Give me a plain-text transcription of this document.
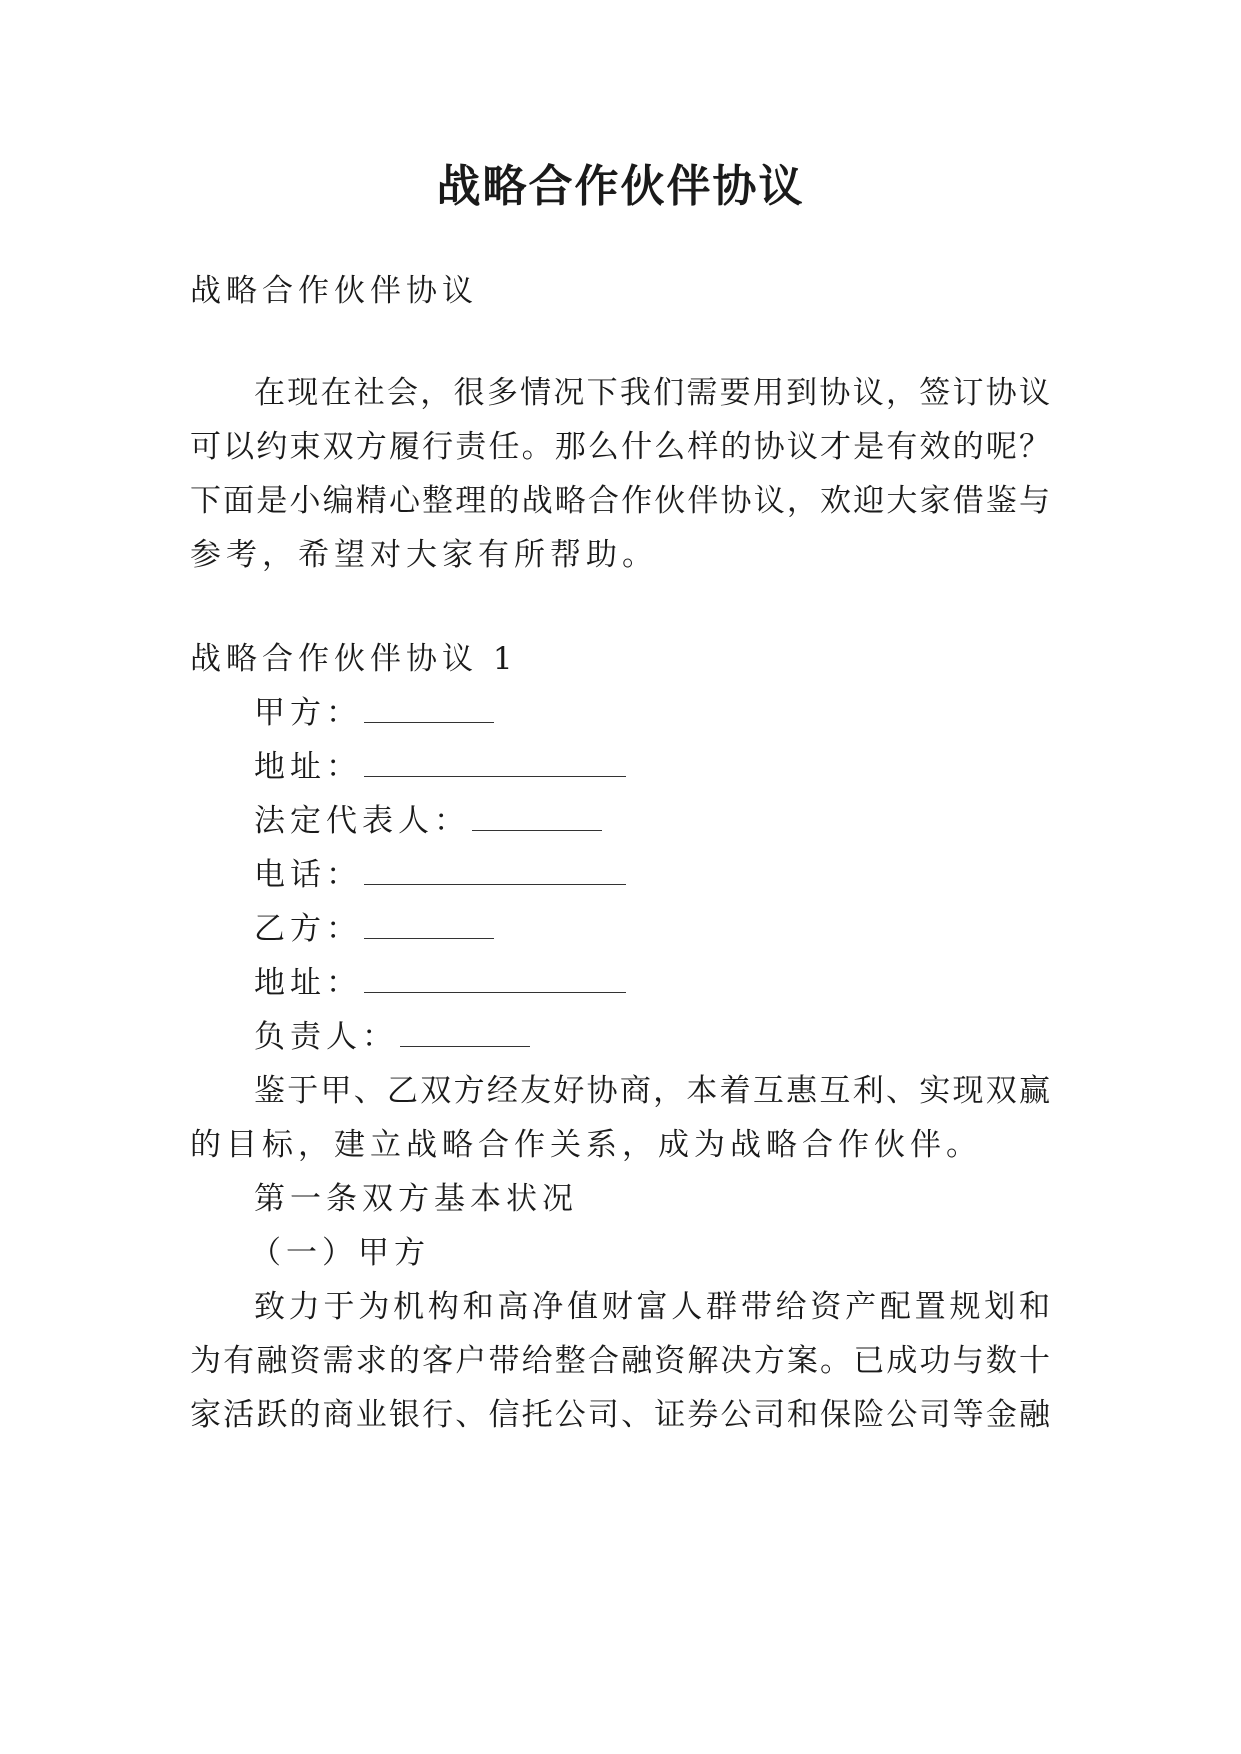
战略合作伙伴协议
战略合作伙伴协议
在现在社会，很多情况下我们需要用到协议，签订协议
可以约束双方履行责任。那么什么样的协议才是有效的呢？
下面是小编精心整理的战略合作伙伴协议，欢迎大家借鉴与
参考，希望对大家有所帮助。
战略合作伙伴协议 1
甲方：
地址：
法定代表人：
电话：
乙方：
地址：
负责人：
鉴于甲、乙双方经友好协商，本着互惠互利、实现双赢
的目标，建立战略合作关系，成为战略合作伙伴。
第一条双方基本状况
（一）甲方
致力于为机构和高净值财富人群带给资产配置规划和
为有融资需求的客户带给整合融资解决方案。已成功与数十
家活跃的商业银行、信托公司、证券公司和保险公司等金融
